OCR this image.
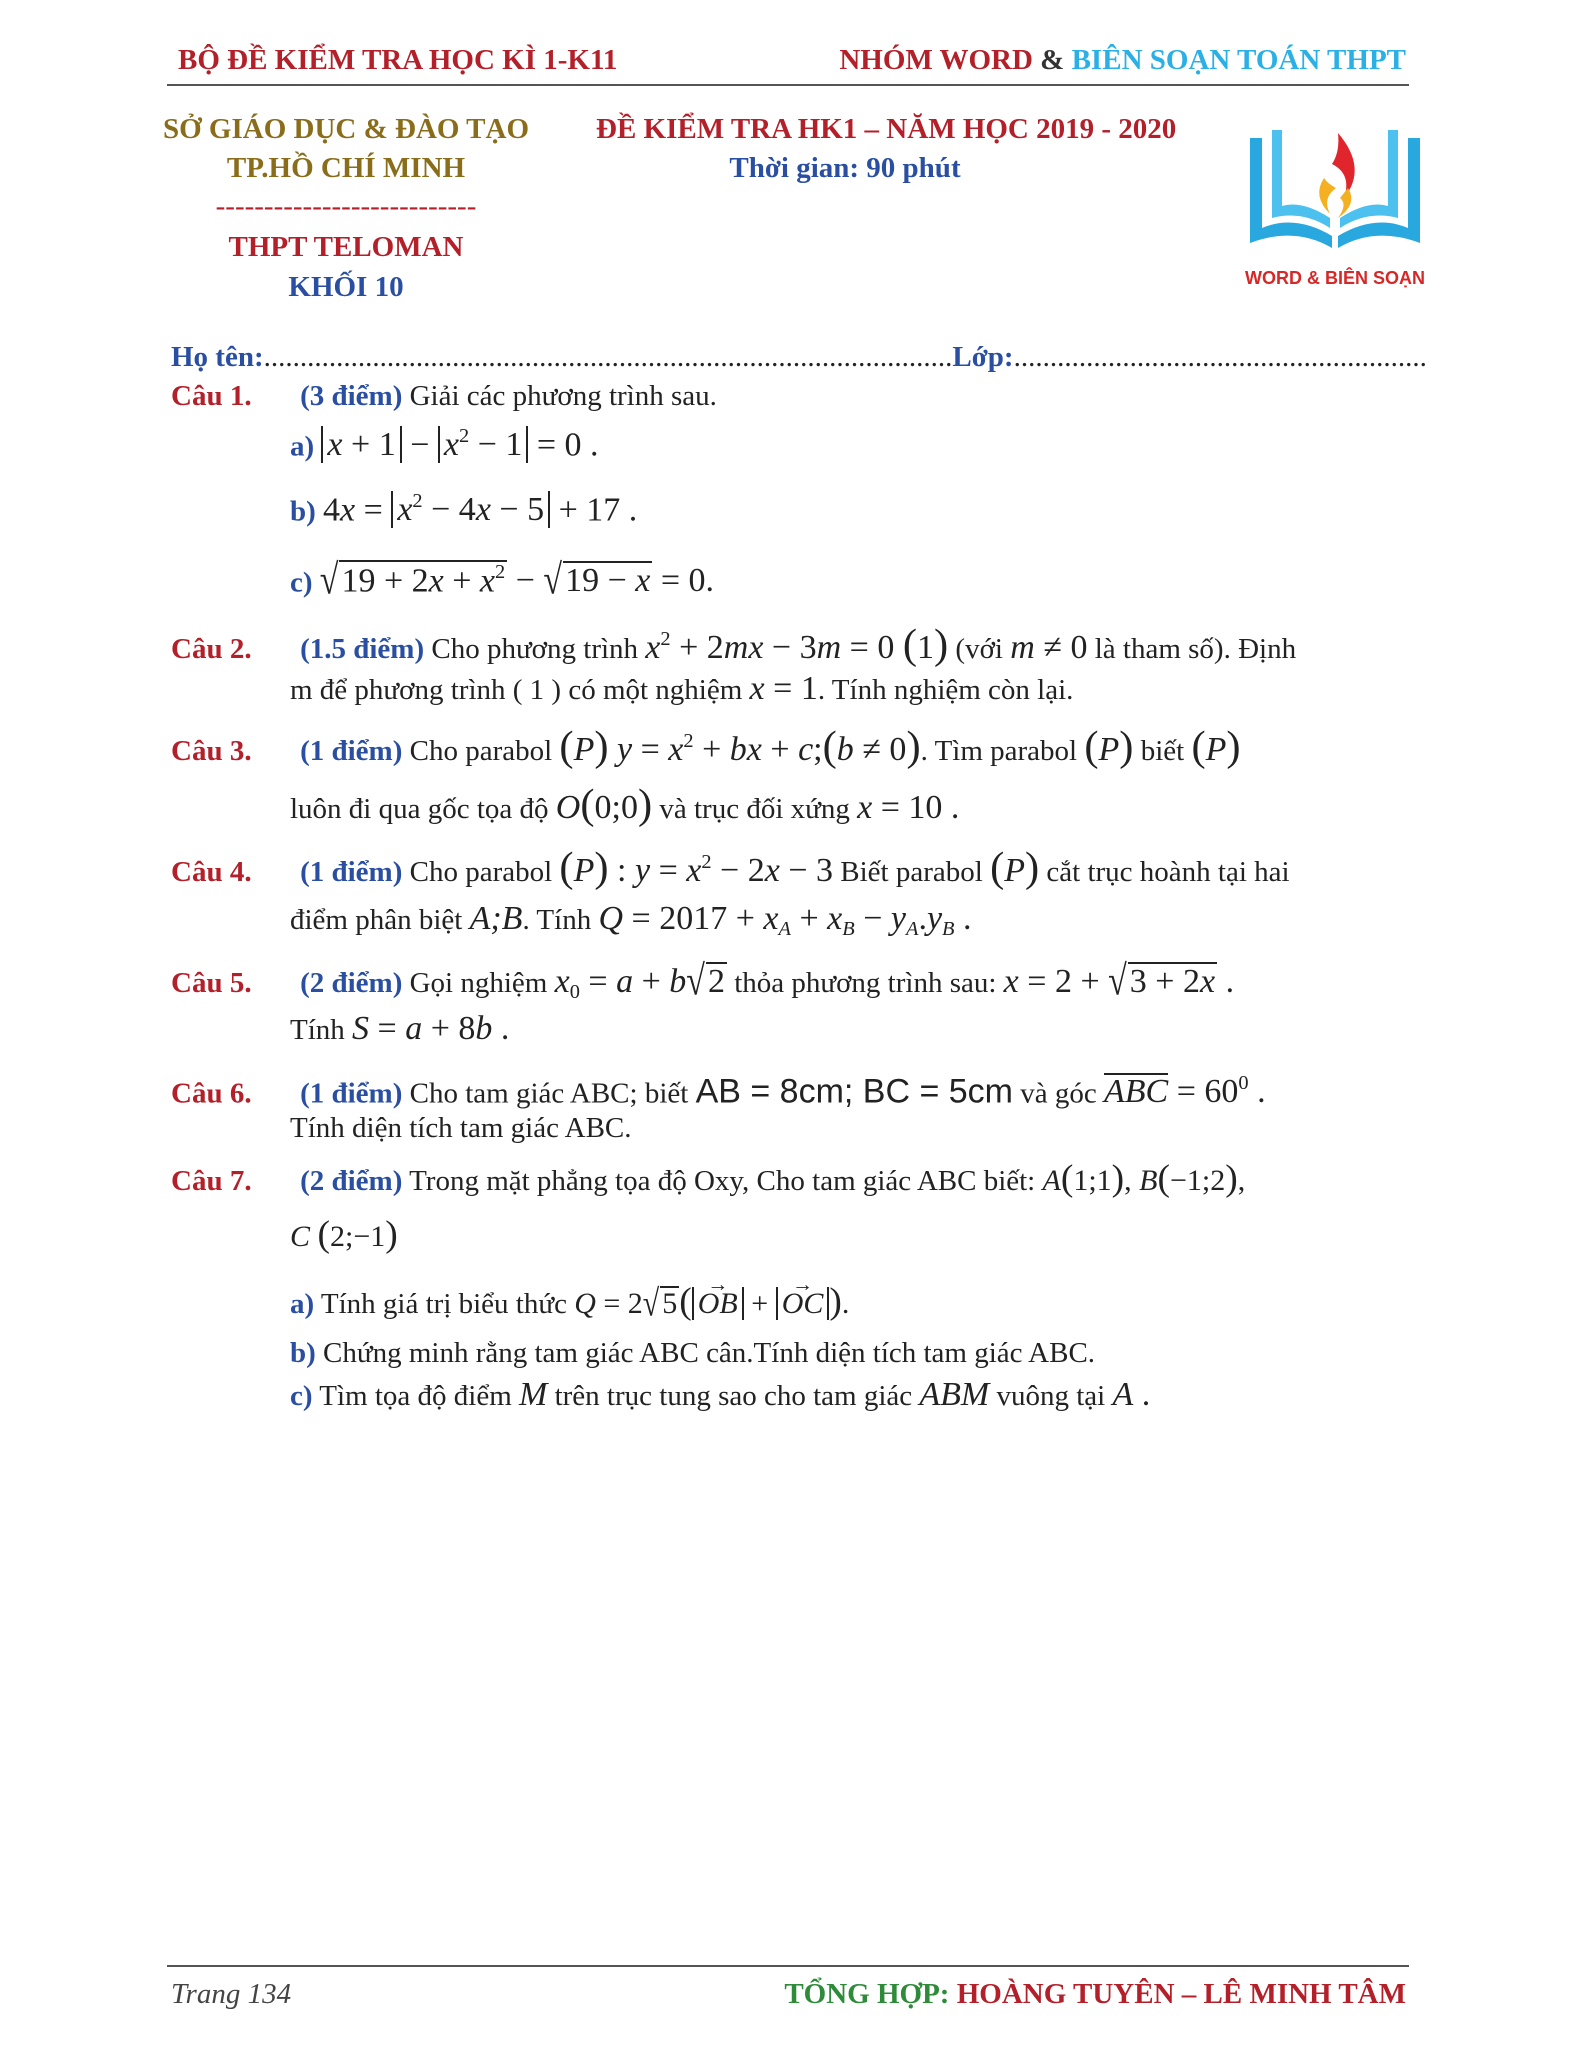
BỘ ĐỀ KIỂM TRA HỌC KÌ 1-K11	NHÓM WORD & BIÊN SOẠN TOÁN THPT
SỞ GIÁO DỤC & ĐÀO TẠO
TP.HỒ CHÍ MINH
---------------------------
THPT TELOMAN
KHỐI 10
ĐỀ KIỂM TRA HK1 – NĂM HỌC 2019 - 2020
Thời gian: 90 phút
WORD & BIÊN SOẠN
Họ tên:...............................................................................................Lớp:.........................................................
Câu 1. (3 điểm) Giải các phương trình sau.
a) $x + 1 - x^2 - 1 = 0$ .
b) $4x = x^2 - 4x - 5 + 17$ .
c) $√19 + 2x + x^2 - √19 - x = 0$.
Câu 2. (1.5 điểm) Cho phương trình $x^2 + 2mx - 3m = 0$ (1) (với m ≠ 0 là tham số). Định
m để phương trình ( 1 ) có một nghiệm x = 1. Tính nghiệm còn lại.
Câu 3. (1 điểm) Cho parabol (P) $y = x^2$ + bx + c;(b ≠ 0). Tìm parabol (P) biết (P)
luôn đi qua gốc tọa độ O(0;0) và trục đối xứng x = 10 .
Câu 4. (1 điểm) Cho parabol (P) : $y = x^2 - 2x - 3$ Biết parabol (P) cắt trục hoành tại hai
điểm phân biệt A;B. Tính $Q = 2017 + x_A + x_B - y_A.y_B$ .
Câu 5. (2 điểm) Gọi nghiệm $x_0 = a + b√2$ thỏa phương trình sau: x = 2 + √3 + 2x .
Tính S = a + 8b .
Câu 6. (1 điểm) Cho tam giác ABC; biết AB = 8cm; BC = 5cm và góc ABC = $60^0$ .
Tính diện tích tam giác ABC.
Câu 7. (2 điểm) Trong mặt phẳng tọa độ Oxy, Cho tam giác ABC biết: A(1;1), B(−1;2),
C (2;−1)
a) Tính giá trị biểu thức Q = 2√ 5(→ OB + → OC ).
b) Chứng minh rằng tam giác ABC cân.Tính diện tích tam giác ABC.
c) Tìm tọa độ điểm M trên trục tung sao cho tam giác ABM vuông tại A .
Trang 134	TỔNG HỢP: HOÀNG TUYÊN – LÊ MINH TÂM
